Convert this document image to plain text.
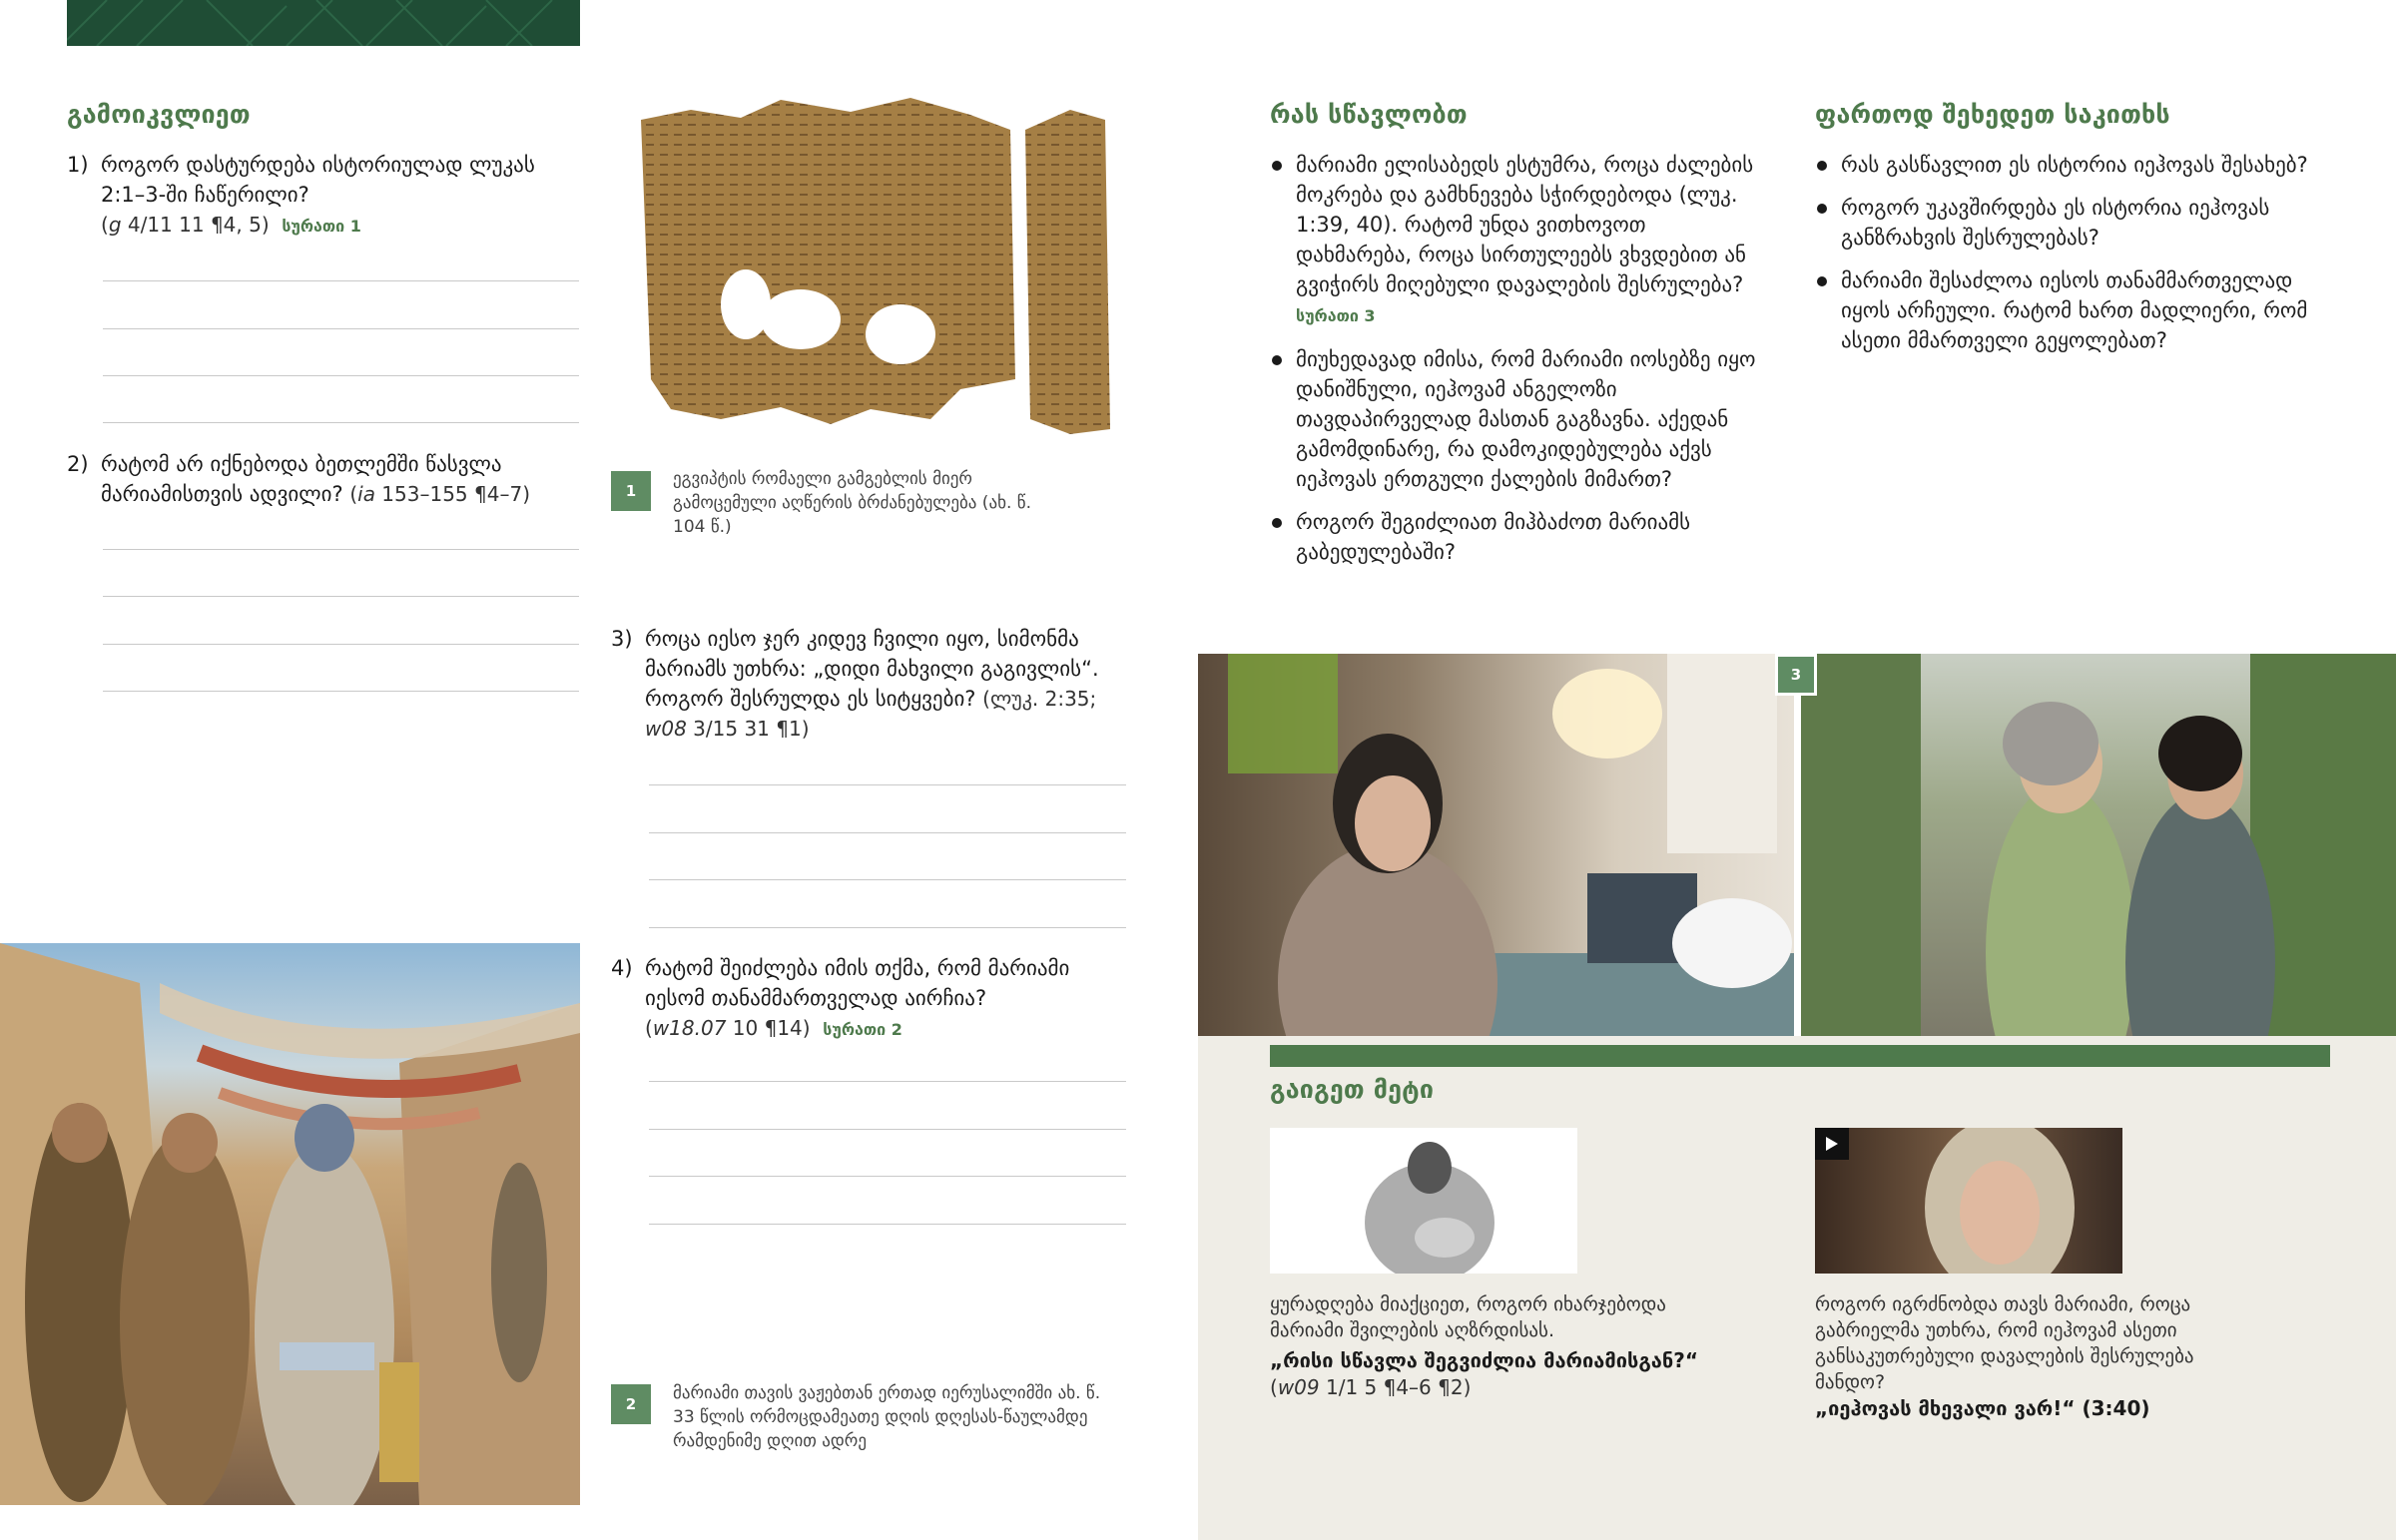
გამოიკვლიეთ
1) როგორ დასტურდება ისტორიულად ლუკას 2:1–3-ში ჩაწერილი?
(g 4/11 11 ¶4, 5) სურათი 1
2) რატომ არ იქნებოდა ბეთლემში წასვლა მარიამისთვის ადვილი? (ia 153–155 ¶4–7)	1
ეგვიპტის რომაელი გამგებლის მიერ გამოცემული აღწერის ბრძანებულება (ახ. წ. 104 წ.)
3) როცა იესო ჯერ კიდევ ჩვილი იყო, სიმონმა მარიამს უთხრა: „დიდი მახვილი გაგივლის“. როგორ შესრულდა ეს სიტყვები? (ლუკ. 2:35; w08 3/15 31 ¶1)
4) რატომ შეიძლება იმის თქმა, რომ მარიამი იესომ თანამმართველად აირჩია?
(w18.07 10 ¶14) სურათი 2
2
მარიამი თავის ვაჟებთან ერთად იერუსალიმში ახ. წ. 33 წლის ორმოცდამეათე დღის დღესას-წაულამდე რამდენიმე დღით ადრე
რას სწავლობთ
მარიამი ელისაბედს ესტუმრა, როცა ძალების მოკრება და გამხნევება სჭირდებოდა (ლუკ. 1:39, 40). რატომ უნდა ვითხოვოთ დახმარება, როცა სირთულეებს ვხვდებით ან გვიჭირს მიღებული დავალების შესრულება?
სურათი 3
მიუხედავად იმისა, რომ მარიამი იოსებზე იყო დანიშნული, იეჰოვამ ანგელოზი თავდაპირველად მასთან გაგზავნა. აქედან გამომდინარე, რა დამოკიდებულება აქვს იეჰოვას ერთგული ქალების მიმართ?
როგორ შეგიძლიათ მიჰბაძოთ მარიამს გაბედულებაში?
ფართოდ შეხედეთ საკითხს
რას გასწავლით ეს ისტორია იეჰოვას შესახებ?
როგორ უკავშირდება ეს ისტორია იეჰოვას განზრახვის შესრულებას?
მარიამი შესაძლოა იესოს თანამმართველად იყოს არჩეული. რატომ ხართ მადლიერი, რომ ასეთი მმართველი გეყოლებათ?
3
გაიგეთ მეტი
ყურადღება მიაქციეთ, როგორ იხარჯებოდა მარიამი შვილების აღზრდისას.
„რისი სწავლა შეგვიძლია მარიამისგან?“
(w09 1/1 5 ¶4–6 ¶2)
როგორ იგრძნობდა თავს მარიამი, როცა გაბრიელმა უთხრა, რომ იეჰოვამ ასეთი განსაკუთრებული დავალების შესრულება მანდო?
„იეჰოვას მხევალი ვარ!“ (3:40)
